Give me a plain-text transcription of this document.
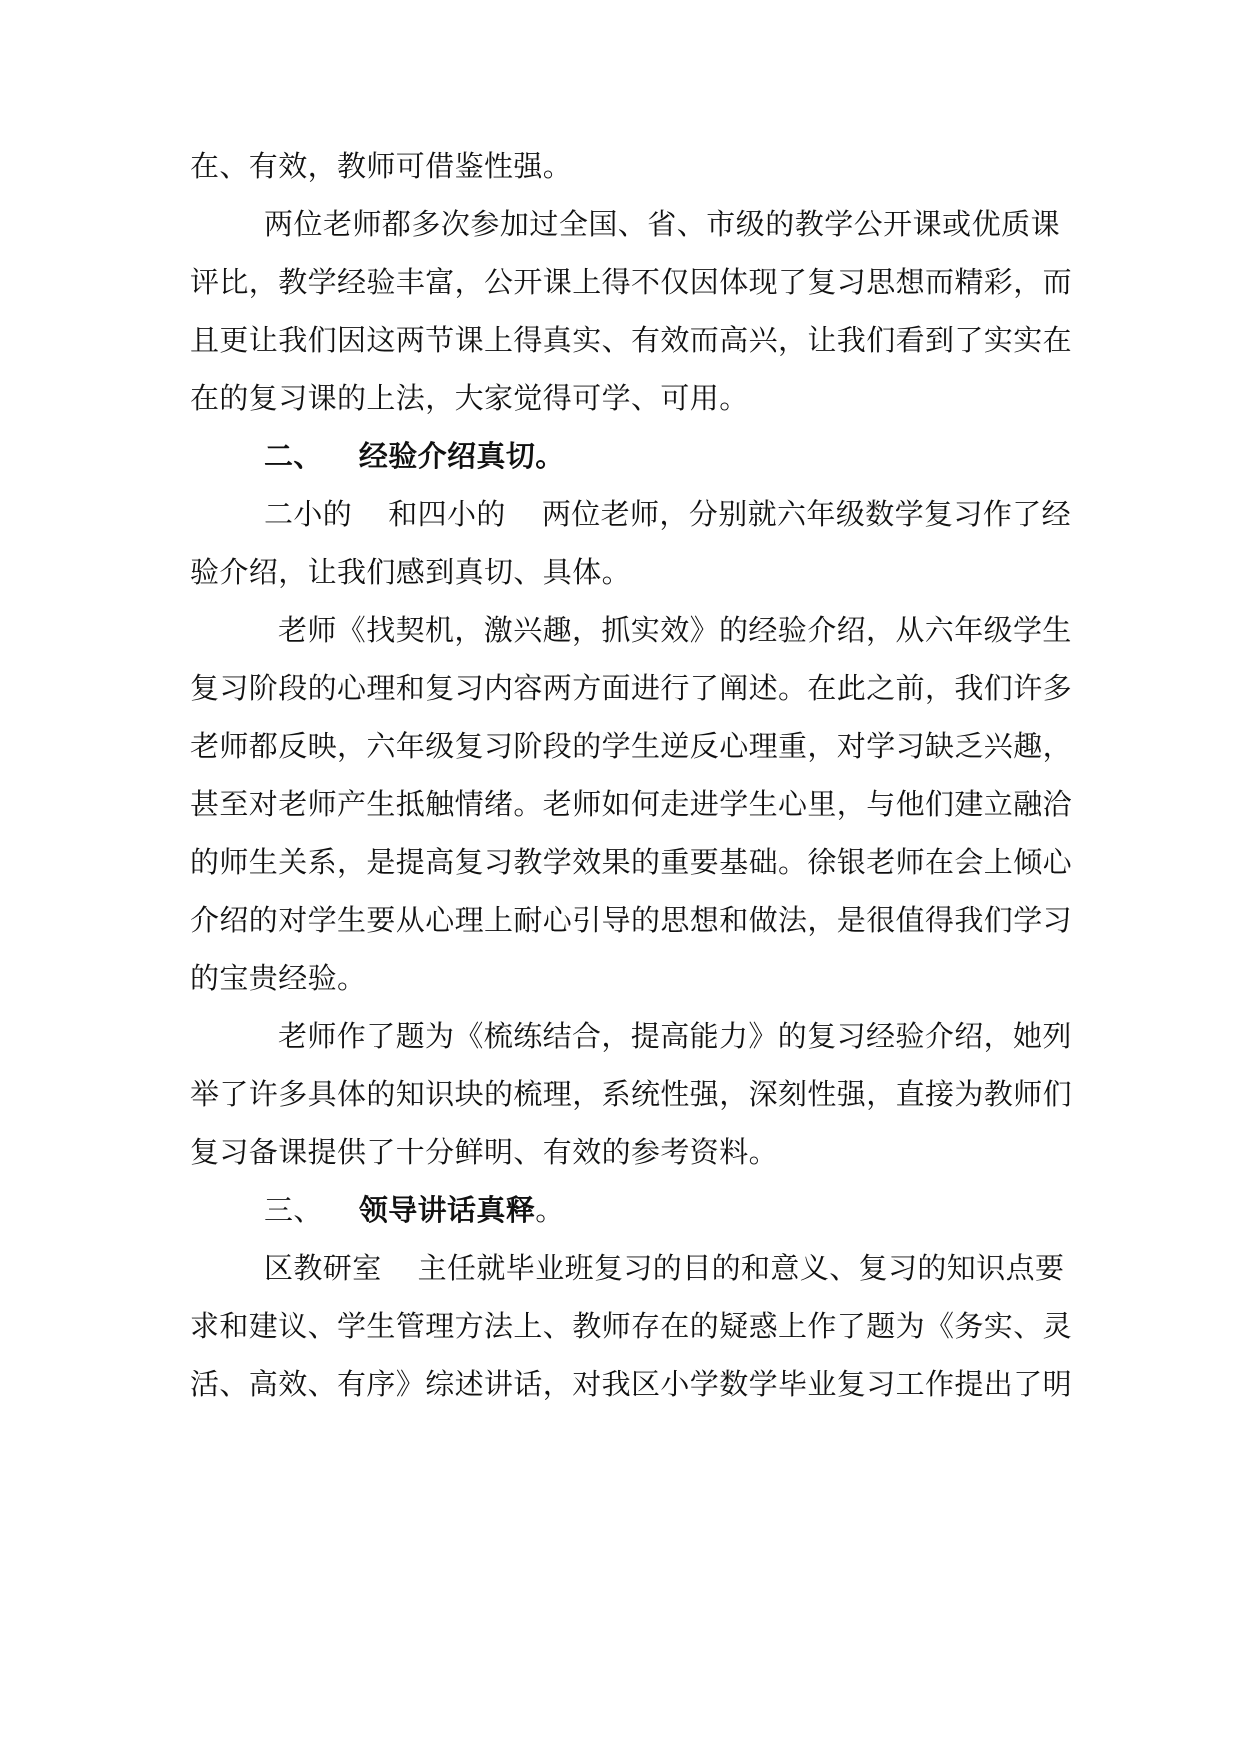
在、有效，教师可借鉴性强。
两位老师都多次参加过全国、省、市级的教学公开课或优质课
评比，教学经验丰富，公开课上得不仅因体现了复习思想而精彩，而
且更让我们因这两节课上得真实、有效而高兴，让我们看到了实实在
在的复习课的上法，大家觉得可学、可用。
二、 经验介绍真切。
二小的 和四小的 两位老师，分别就六年级数学复习作了经
验介绍，让我们感到真切、具体。
老师《找契机，激兴趣，抓实效》的经验介绍，从六年级学生
复习阶段的心理和复习内容两方面进行了阐述。在此之前，我们许多
老师都反映，六年级复习阶段的学生逆反心理重，对学习缺乏兴趣，
甚至对老师产生抵触情绪。老师如何走进学生心里，与他们建立融洽
的师生关系，是提高复习教学效果的重要基础。徐银老师在会上倾心
介绍的对学生要从心理上耐心引导的思想和做法，是很值得我们学习
的宝贵经验。
老师作了题为《梳练结合，提高能力》的复习经验介绍，她列
举了许多具体的知识块的梳理，系统性强，深刻性强，直接为教师们
复习备课提供了十分鲜明、有效的参考资料。
三、 领导讲话真释。
区教研室 主任就毕业班复习的目的和意义、复习的知识点要
求和建议、学生管理方法上、教师存在的疑惑上作了题为《务实、灵
活、高效、有序》综述讲话，对我区小学数学毕业复习工作提出了明
